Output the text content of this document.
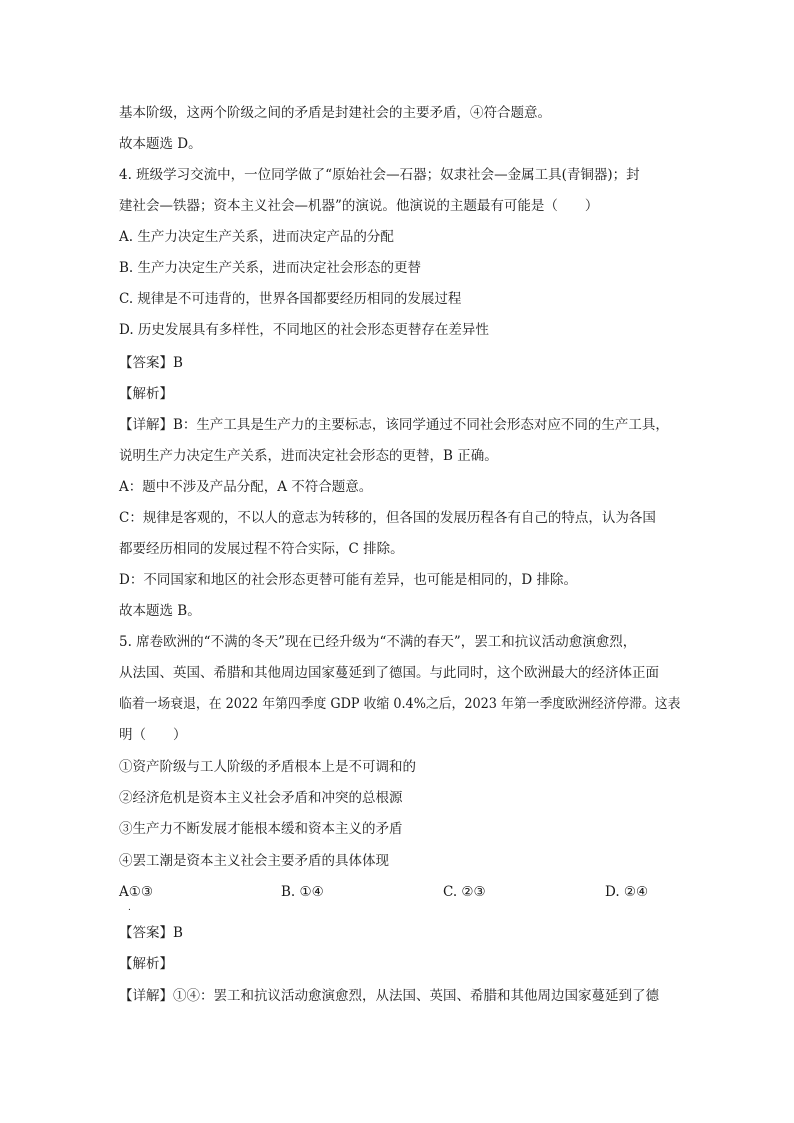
基本阶级，这两个阶级之间的矛盾是封建社会的主要矛盾，④符合题意。
故本题选 D。
4. 班级学习交流中，一位同学做了“原始社会—石器；奴隶社会—金属工具(青铜器)；封
建社会—铁器；资本主义社会—机器”的演说。他演说的主题最有可能是（　　）
A. 生产力决定生产关系，进而决定产品的分配
B. 生产力决定生产关系，进而决定社会形态的更替
C. 规律是不可违背的，世界各国都要经历相同的发展过程
D. 历史发展具有多样性，不同地区的社会形态更替存在差异性
【答案】B
【解析】
【详解】B：生产工具是生产力的主要标志，该同学通过不同社会形态对应不同的生产工具，
说明生产力决定生产关系，进而决定社会形态的更替，B 正确。
A：题中不涉及产品分配，A 不符合题意。
C：规律是客观的，不以人的意志为转移的，但各国的发展历程各有自己的特点，认为各国
都要经历相同的发展过程不符合实际，C 排除。
D：不同国家和地区的社会形态更替可能有差异，也可能是相同的，D 排除。
故本题选 B。
5. 席卷欧洲的“不满的冬天”现在已经升级为“不满的春天”，罢工和抗议活动愈演愈烈，
从法国、英国、希腊和其他周边国家蔓延到了德国。与此同时，这个欧洲最大的经济体正面
临着一场衰退，在 2022 年第四季度 GDP 收缩 0.4%之后，2023 年第一季度欧洲经济停滞。这表
明（　　）
①资产阶级与工人阶级的矛盾根本上是不可调和的
②经济危机是资本主义社会矛盾和冲突的总根源
③生产力不断发展才能根本缓和资本主义的矛盾
④罢工潮是资本主义社会主要矛盾的具体体现
A①③	B. ①④	C. ②③	D. ②④
.
【答案】B
【解析】
【详解】①④：罢工和抗议活动愈演愈烈，从法国、英国、希腊和其他周边国家蔓延到了德
